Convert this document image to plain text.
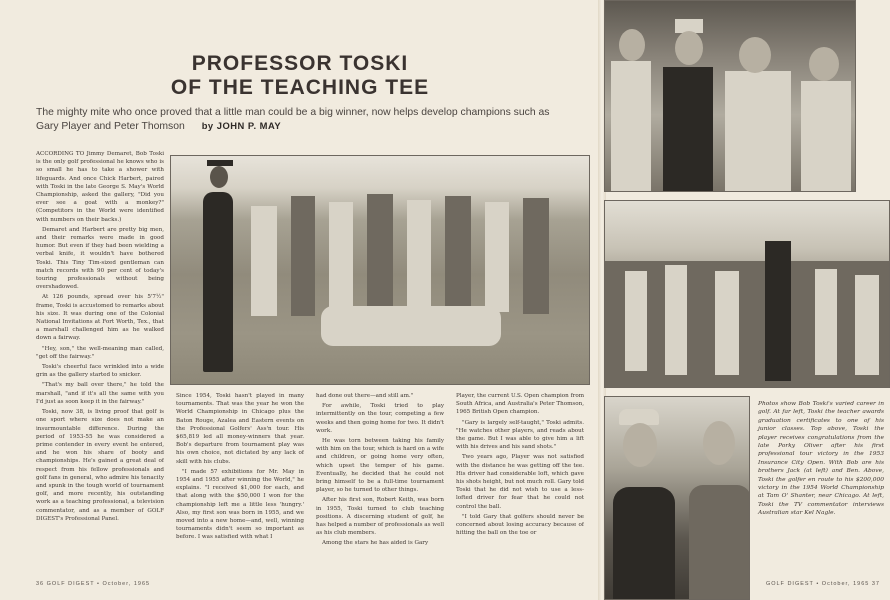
PROFESSOR TOSKI
OF THE TEACHING TEE
The mighty mite who once proved that a little man could be a big winner, now helps develop champions such as Gary Player and Peter Thomson by JOHN P. MAY

ACCORDING TO Jimmy Demaret, Bob Toski is the only golf professional he knows who is so small he has to take a shower with lifeguards. And once Chick Harbert, paired with Toski in the late George S. May's World Championship, asked the gallery, "Did you ever see a goat with a monkey?" (Competitors in the World were identified with numbers on their backs.)

Demaret and Harbert are pretty big men, and their remarks were made in good humor. But even if they had been wielding a verbal knife, it wouldn't have bothered Toski. This Tiny Tim-sized gentleman can match records with 90 per cent of today's touring professionals without being overshadowed.

At 126 pounds, spread over his 5'7½" frame, Toski is accustomed to remarks about his size. It was during one of the Colonial National Invitations at Fort Worth, Tex., that a marshall challenged him as he walked down a fairway.

"Hey, son," the well-meaning man called, "get off the fairway."

Toski's cheerful face wrinkled into a wide grin as the gallery started to snicker.

"That's my ball over there," he told the marshall, "and if it's all the same with you I'd just as soon keep it in the fairway."

Toski, now 38, is living proof that golf is one sport where size does not make an insurmountable difference. During the period of 1953-55 he was considered a prime contender in every event he entered, and he won his share of booty and championships. He's gained a great deal of respect from his fellow professionals and golf fans in general, who admire his tenacity and spunk in the tough world of tournament golf, and more recently, his outstanding work as a teaching professional, a television commentator, and as a member of GOLF DIGEST's Professional Panel.

Since 1954, Toski hasn't played in many tournaments. That was the year he won the World Championship in Chicago plus the Baton Rouge, Azalea and Eastern events on the Professional Golfers' Ass'n tour. His $65,819 led all money-winners that year. Bob's departure from tournament play was his own choice, not dictated by any lack of skill with his clubs.

"I made 57 exhibitions for Mr. May in 1954 and 1955 after winning the World," he explains. "I received $1,000 for each, and that along with the $50,000 I won for the championship left me a little less 'hungry.' Also, my first son was born in 1955, and we moved into a new home—and, well, winning tournaments didn't seem so important as before. I was satisfied with what I

had done out there—and still am."

For awhile, Toski tried to play intermittently on the tour, competing a few weeks and then going home for two. It didn't work.

He was torn between taking his family with him on the tour, which is hard on a wife and children, or going home very often, which upset the temper of his game. Eventually, he decided that he could not bring himself to be a full-time tournament player, so he turned to other things.

After his first son, Robert Keith, was born in 1955, Toski turned to club teaching positions. A discerning student of golf, he has helped a number of professionals as well as his club members.

Among the stars he has aided is Gary

Player, the current U.S. Open champion from South Africa, and Australia's Peter Thomson, 1965 British Open champion.

"Gary is largely self-taught," Toski admits. "He watches other players, and reads about the game. But I was able to give him a lift with his drives and his sand shots."

Two years ago, Player was not satisfied with the distance he was getting off the tee. His driver had considerable loft, which gave his shots height, but not much roll. Gary told Toski that he did not wish to use a less-lofted driver for fear that he could not control the ball.

"I told Gary that golfers should never be concerned about losing accuracy because of hitting the ball on the toe or

Photos show Bob Toski's varied career in golf. At far left, Toski the teacher awards graduation certificates to one of his junior classes. Top above, Toski the player receives congratulations from the late Porky Oliver after his first professional tour victory in the 1953 Insurance City Open. With Bob are his brothers Jack (at left) and Ben. Above, Toski the golfer en route to his $200,000 victory in the 1954 World Championship at Tam O' Shanter, near Chicago. At left, Toski the TV commentator interviews Australian star Kel Nagle.
36 GOLF DIGEST • October, 1965	GOLF DIGEST • October, 1965 37
